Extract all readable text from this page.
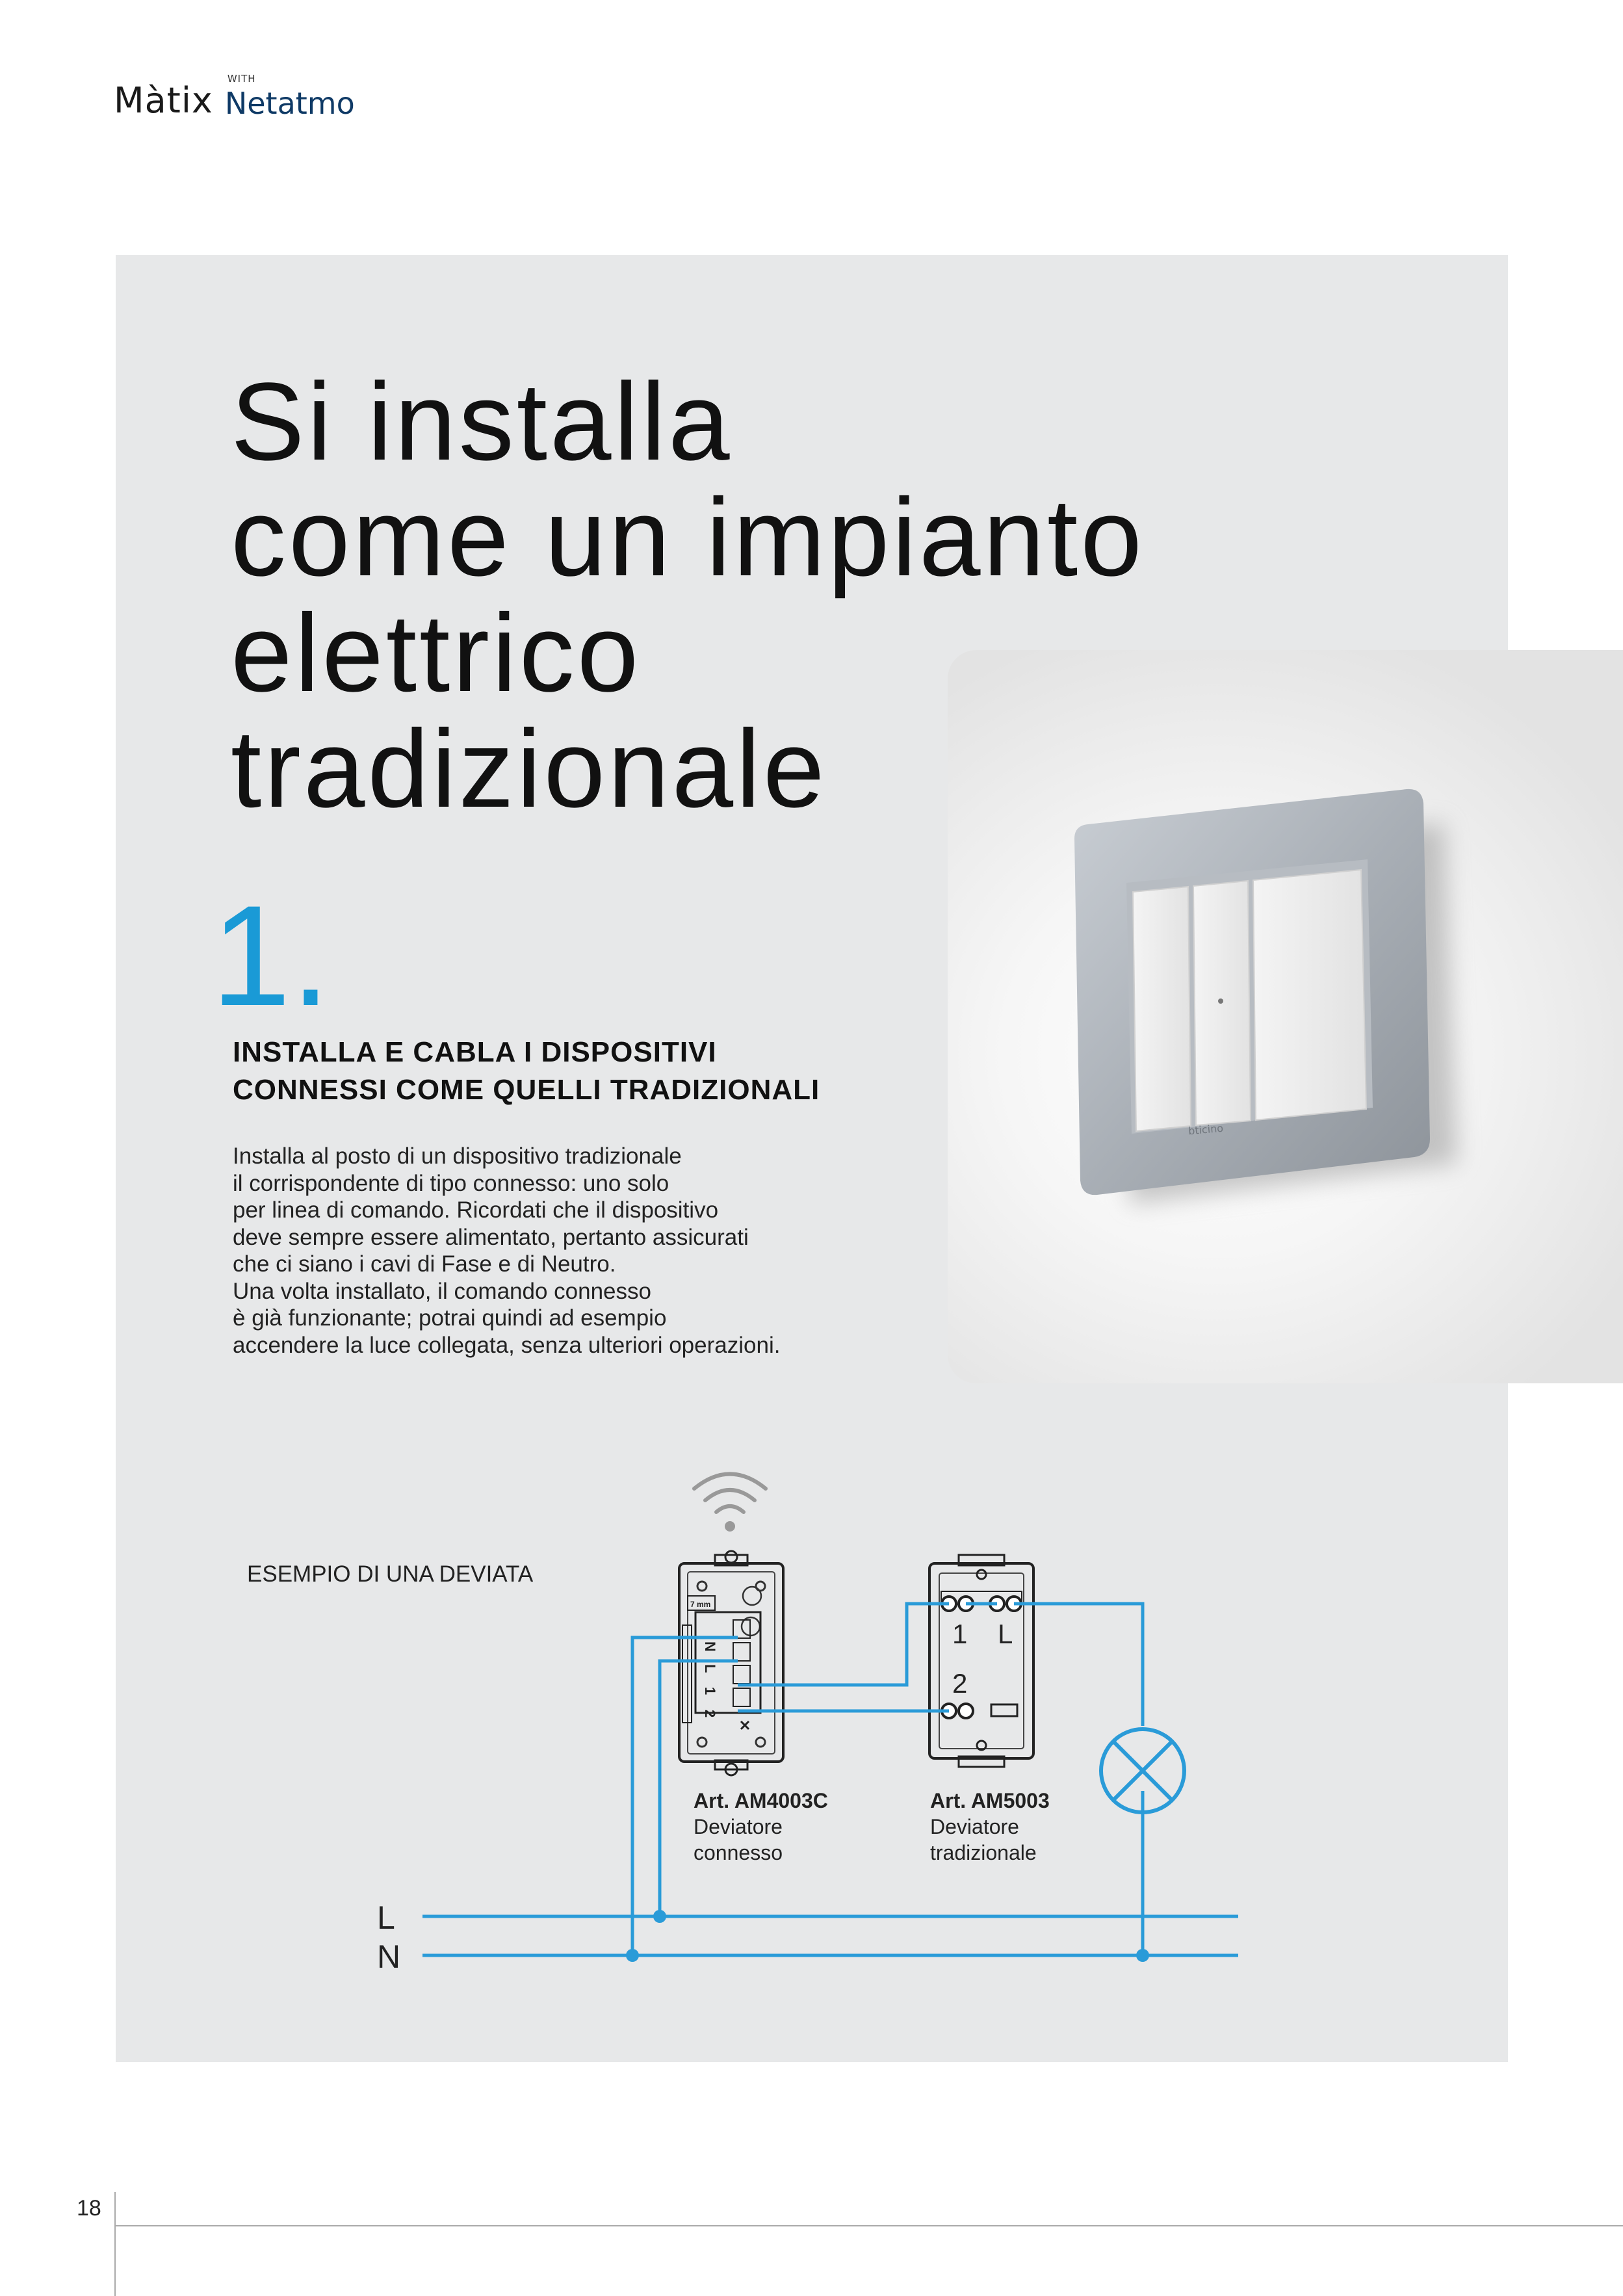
Màtix
WITH
Netatmo
Si installa
come un impianto
elettrico
tradizionale
1.
INSTALLA E CABLA I DISPOSITIVI
CONNESSI COME QUELLI TRADIZIONALI

Installa al posto di un dispositivo tradizionale
il corrispondente di tipo connesso: uno solo
per linea di comando. Ricordati che il dispositivo
deve sempre essere alimentato, pertanto assicurati
che ci siano i cavi di Fase e di Neutro.
Una volta installato, il comando connesso
è già funzionante; potrai quindi ad esempio
accendere la luce collegata, senza ulteriori operazioni.

bticino
ESEMPIO DI UNA DEVIATA
7 mm
N
L
1
2
1 L
2
Art. AM4003C
Deviatore
connesso
Art. AM5003
Deviatore
tradizionale
L
N
18
